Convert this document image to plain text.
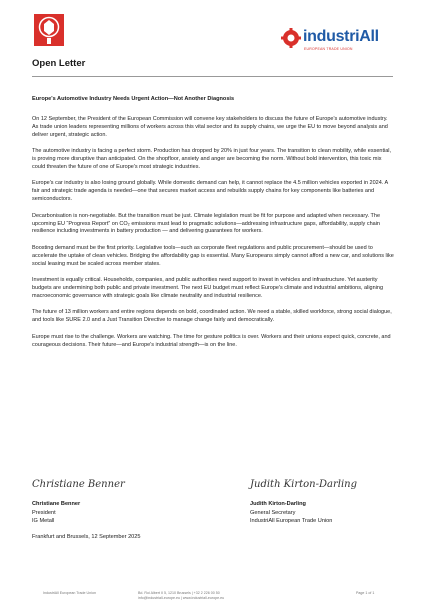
industriAll
EUROPEAN TRADE UNION
Open Letter
Europe's Automotive Industry Needs Urgent Action—Not Another Diagnosis

On 12 September, the President of the European Commission will convene key stakeholders to discuss the future of Europe's automotive industry. As trade union leaders representing millions of workers across this vital sector and its supply chains, we urge the EU to move beyond analysis and deliver urgent, strategic action.

The automotive industry is facing a perfect storm. Production has dropped by 20% in just four years. The transition to clean mobility, while essential, is proving more disruptive than anticipated. On the shopfloor, anxiety and anger are becoming the norm. Without bold intervention, this toxic mix could threaten the future of one of Europe's most strategic industries.

Europe's car industry is also losing ground globally. While domestic demand can help, it cannot replace the 4.5 million vehicles exported in 2024. A fair and strategic trade agenda is needed—one that secures market access and rebuilds supply chains for key components like batteries and semiconductors.

Decarbonisation is non-negotiable. But the transition must be just. Climate legislation must be fit for purpose and adapted when necessary. The upcoming EU “Progress Report” on CO₂ emissions must lead to pragmatic solutions—addressing infrastructure gaps, affordability, supply chain resilience including investments in battery production — and delivering guarantees for workers.

Boosting demand must be the first priority. Legislative tools—such as corporate fleet regulations and public procurement—should be used to accelerate the uptake of clean vehicles. Bridging the affordability gap is essential. Many Europeans simply cannot afford a new car, and solutions like social leasing must be scaled across member states.

Investment is equally critical. Households, companies, and public authorities need support to invest in vehicles and infrastructure. Yet austerity budgets are undermining both public and private investment. The next EU budget must reflect Europe's climate and industrial ambitions, aligning macroeconomic governance with strategic goals like climate neutrality and industrial resilience.

The future of 13 million workers and entire regions depends on bold, coordinated action. We need a stable, skilled workforce, strong social dialogue, and tools like SURE 2.0 and a Just Transition Directive to manage change fairly and democratically.

Europe must rise to the challenge. Workers are watching. The time for gesture politics is over. Workers and their unions expect quick, concrete, and courageous decisions. Their future—and Europe's industrial strength—is on the line.

Christiane Benner	Judith Kirton-Darling
Christiane Benner
President
IG Metall
Judith Kirton-Darling
General Secretary
IndustriAll European Trade Union
Frankfurt and Brussels, 12 September 2025
IndustriAll European Trade Union	Bd. Roi Albert II 5, 1210 Brussels | +32 2 226 00 50
info@industriall-europe.eu | www.industriall-europe.eu
Page 1 of 1
